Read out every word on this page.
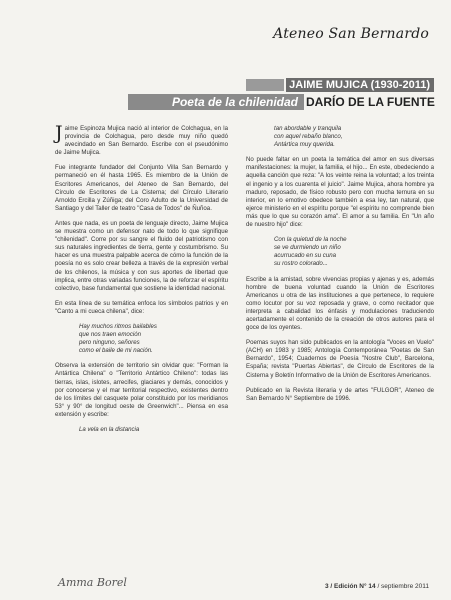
Ateneo San Bernardo
JAIME MUJICA (1930-2011)
Poeta de la chilenidad DARÍO DE LA FUENTE

Jaime Espinoza Mujica nació al interior de Colchagua, en la provincia de Colchagua, pero desde muy niño quedó avecindado en San Bernardo. Escribe con el pseudónimo de Jaime Mujica.

Fue integrante fundador del Conjunto Villa San Bernardo y permaneció en él hasta 1965. Es miembro de la Unión de Escritores Americanos, del Ateneo de San Bernardo, del Círculo de Escritores de La Cisterna; del Círculo Literario Arnoldo Ercilla y Zúñiga; del Coro Adulto de la Universidad de Santiago y del Taller de teatro "Casa de Todos" de Ñuñoa.

Antes que nada, es un poeta de lenguaje directo, Jaime Mujica se muestra como un defensor nato de todo lo que signifique "chilenidad". Corre por su sangre el fluido del patriotismo con sus naturales ingredientes de tierra, gente y costumbrismo. Su hacer es una muestra palpable acerca de cómo la función de la poesía no es solo crear belleza a través de la expresión verbal de los chilenos, la música y con sus aportes de libertad que implica, entre otras variadas funciones, la de reforzar el espíritu colectivo, base fundamental que sostiene la identidad nacional.

En esta línea de su temática enfoca los símbolos patrios y en "Canto a mi cueca chilena", dice:

Hay muchos ritmos bailables
que nos traen emoción
pero ninguno, señores
como el baile de mi nación.

Observa la extensión de territorio sin olvidar que: "Forman la Antártica Chilena" o "Territorio Antártico Chileno": todas las tierras, islas, islotes, arrecifes, glaciares y demás, conocidos y por conocerse y el mar territorial respectivo, existentes dentro de los límites del casquete polar constituido por los meridianos 53° y 90° de longitud oeste de Greenwich"... Piensa en esa extensión y escribe:

La vela en la distancia
tan abordable y tranquila
con aquel rebaño blanco,
Antártica muy querida.

No puede faltar en un poeta la temática del amor en sus diversas manifestaciones: la mujer, la familia, el hijo... En este, obedeciendo a aquella canción que reza: "A los veinte reina la voluntad; a los treinta el ingenio y a los cuarenta el juicio". Jaime Mujica, ahora hombre ya maduro, reposado, de físico robusto pero con mucha ternura en su interior, en lo emotivo obedece también a esa ley, tan natural, que ejerce ministerio en el espíritu porque "el espíritu no comprende bien más que lo que su corazón ama". El amor a su familia. En "Un año de nuestro hijo" dice:

Con la quietud de la noche
se ve durmiendo un niño
acurrucado en su cuna
su rostro colorado...

Escribe a la amistad, sobre vivencias propias y ajenas y es, además hombre de buena voluntad cuando la Unión de Escritores Americanos u otra de las instituciones a que pertenece, lo requiere como locutor por su voz reposada y grave, o como recitador que interpreta a cabalidad los énfasis y modulaciones traduciendo acertadamente el contenido de la creación de otros autores para el goce de los oyentes.

Poemas suyos han sido publicados en la antología "Voces en Vuelo" (ACH) en 1983 y 1985; Antología Contemporánea "Poetas de San Bernardo", 1954; Cuadernos de Poesía "Nostre Club", Barcelona, España; revista "Puertas Abiertas", de Círculo de Escritores de la Cisterna y Boletín Informativo de la Unión de Escritores Americanos.

Publicado en la Revista literaria y de artes "FULGOR", Ateneo de San Bernardo N° Septiembre de 1996.

Amma Borel	3 / Edición N° 14 / septiembre 2011
